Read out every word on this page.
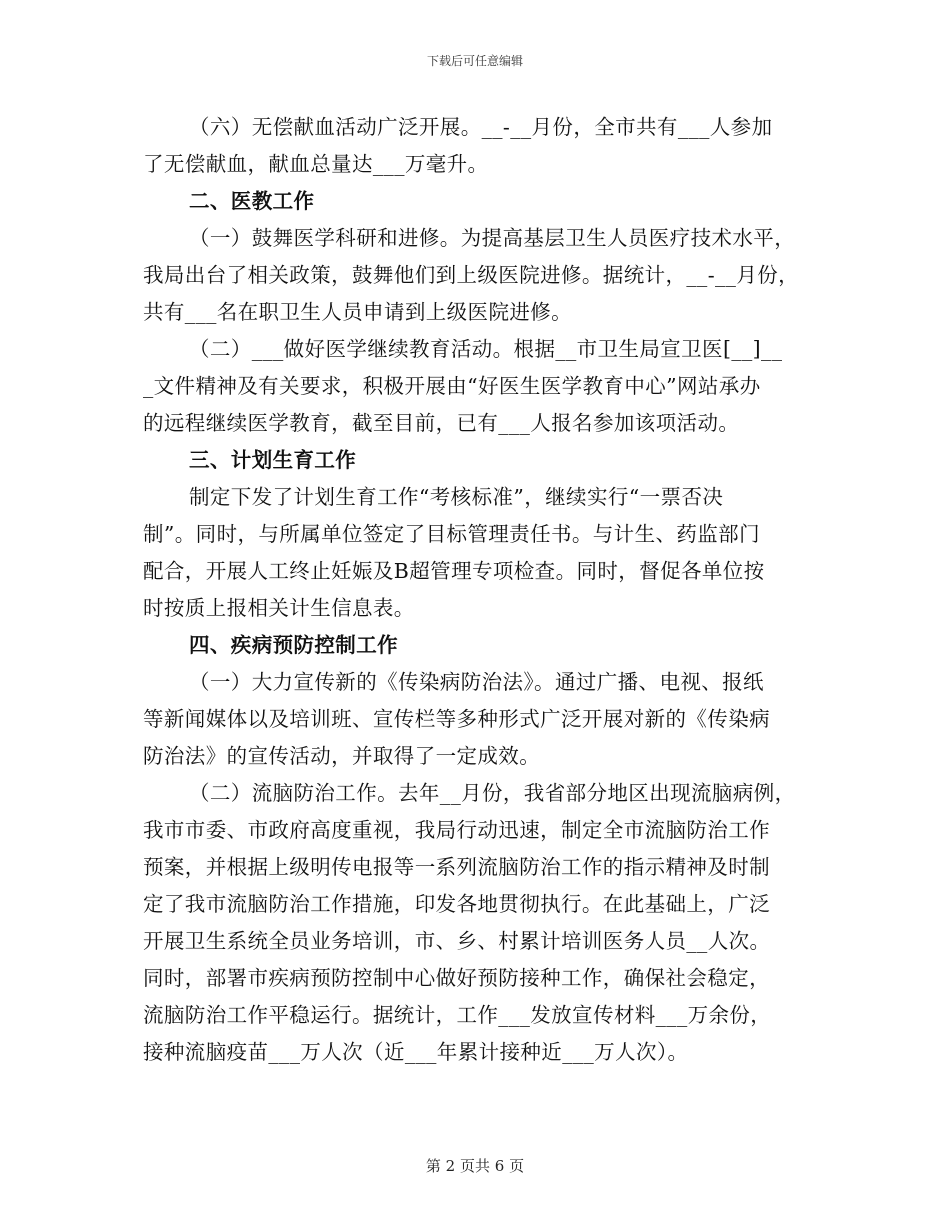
下载后可任意编辑
（六）无偿献血活动广泛开展。__-__月份，全市共有___人参加
了无偿献血，献血总量达___万毫升。
二、医教工作
（一）鼓舞医学科研和进修。为提高基层卫生人员医疗技术水平，
我局出台了相关政策，鼓舞他们到上级医院进修。据统计，__-__月份，
共有___名在职卫生人员申请到上级医院进修。
（二）___做好医学继续教育活动。根据__市卫生局宣卫医[__]__
_文件精神及有关要求，积极开展由“好医生医学教育中心”网站承办
的远程继续医学教育，截至目前，已有___人报名参加该项活动。
三、计划生育工作
制定下发了计划生育工作“考核标准”，继续实行“一票否决
制”。同时，与所属单位签定了目标管理责任书。与计生、药监部门
配合，开展人工终止妊娠及B超管理专项检查。同时，督促各单位按
时按质上报相关计生信息表。
四、疾病预防控制工作
（一）大力宣传新的《传染病防治法》。通过广播、电视、报纸
等新闻媒体以及培训班、宣传栏等多种形式广泛开展对新的《传染病
防治法》的宣传活动，并取得了一定成效。
（二）流脑防治工作。去年__月份，我省部分地区出现流脑病例，
我市市委、市政府高度重视，我局行动迅速，制定全市流脑防治工作
预案，并根据上级明传电报等一系列流脑防治工作的指示精神及时制
定了我市流脑防治工作措施，印发各地贯彻执行。在此基础上，广泛
开展卫生系统全员业务培训，市、乡、村累计培训医务人员__人次。
同时，部署市疾病预防控制中心做好预防接种工作，确保社会稳定，
流脑防治工作平稳运行。据统计，工作___发放宣传材料___万余份，
接种流脑疫苗___万人次（近___年累计接种近___万人次）。
第 2 页共 6 页
